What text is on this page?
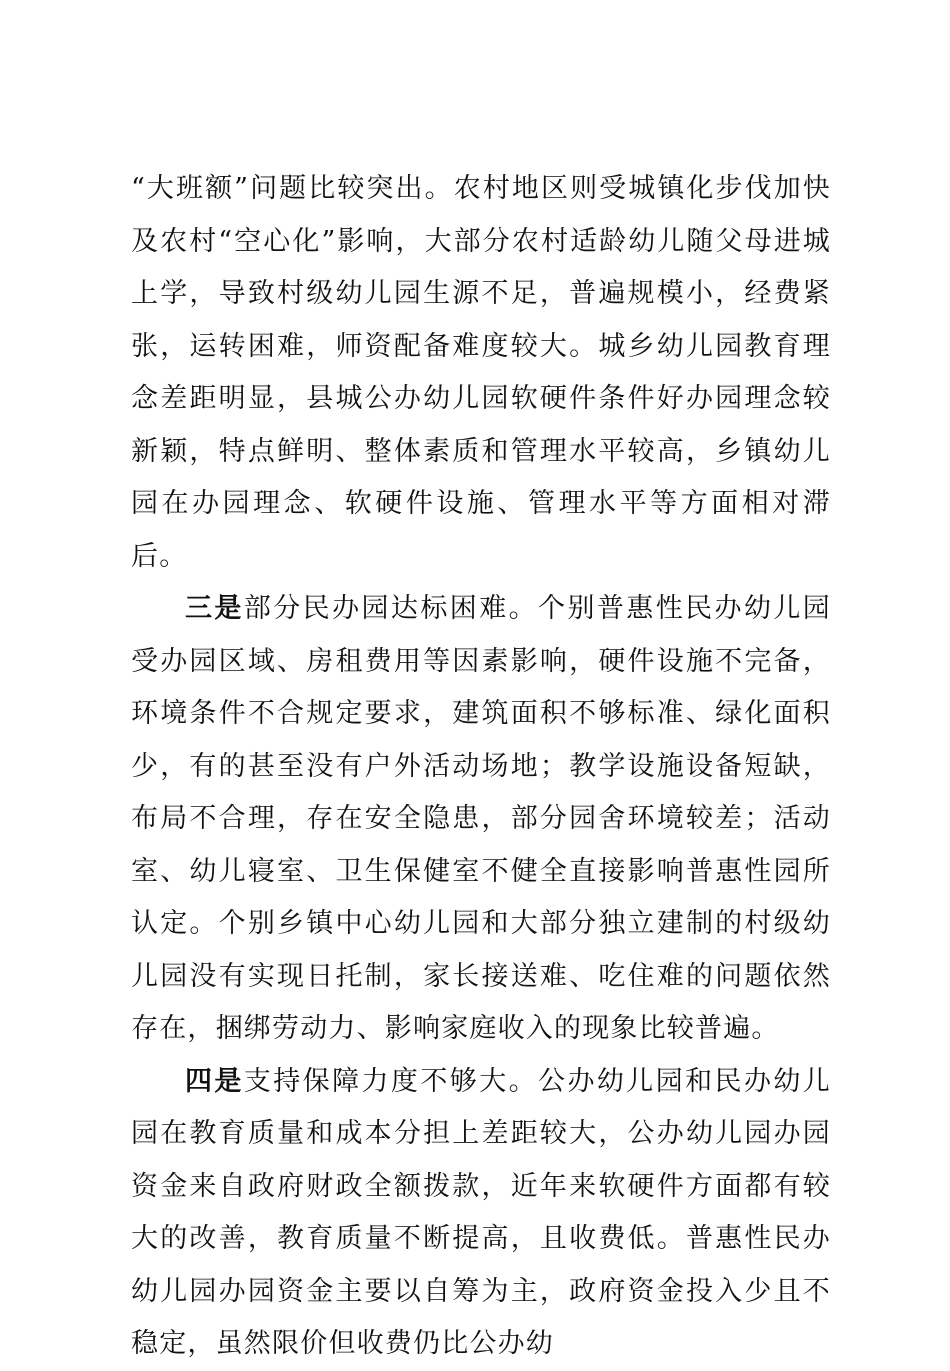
“大班额”问题比较突出。农村地区则受城镇化步伐加快及农村“空心化”影响，大部分农村适龄幼儿随父母进城上学，导致村级幼儿园生源不足，普遍规模小，经费紧张，运转困难，师资配备难度较大。城乡幼儿园教育理念差距明显，县城公办幼儿园软硬件条件好办园理念较新颖，特点鲜明、整体素质和管理水平较高，乡镇幼儿园在办园理念、软硬件设施、管理水平等方面相对滞后。

三是部分民办园达标困难。个别普惠性民办幼儿园受办园区域、房租费用等因素影响，硬件设施不完备，环境条件不合规定要求，建筑面积不够标准、绿化面积少，有的甚至没有户外活动场地；教学设施设备短缺，布局不合理，存在安全隐患，部分园舍环境较差；活动室、幼儿寝室、卫生保健室不健全直接影响普惠性园所认定。个别乡镇中心幼儿园和大部分独立建制的村级幼儿园没有实现日托制，家长接送难、吃住难的问题依然存在，捆绑劳动力、影响家庭收入的现象比较普遍。

四是支持保障力度不够大。公办幼儿园和民办幼儿园在教育质量和成本分担上差距较大，公办幼儿园办园资金来自政府财政全额拨款，近年来软硬件方面都有较大的改善，教育质量不断提高，且收费低。普惠性民办幼儿园办园资金主要以自筹为主，政府资金投入少且不稳定，虽然限价但收费仍比公办幼
